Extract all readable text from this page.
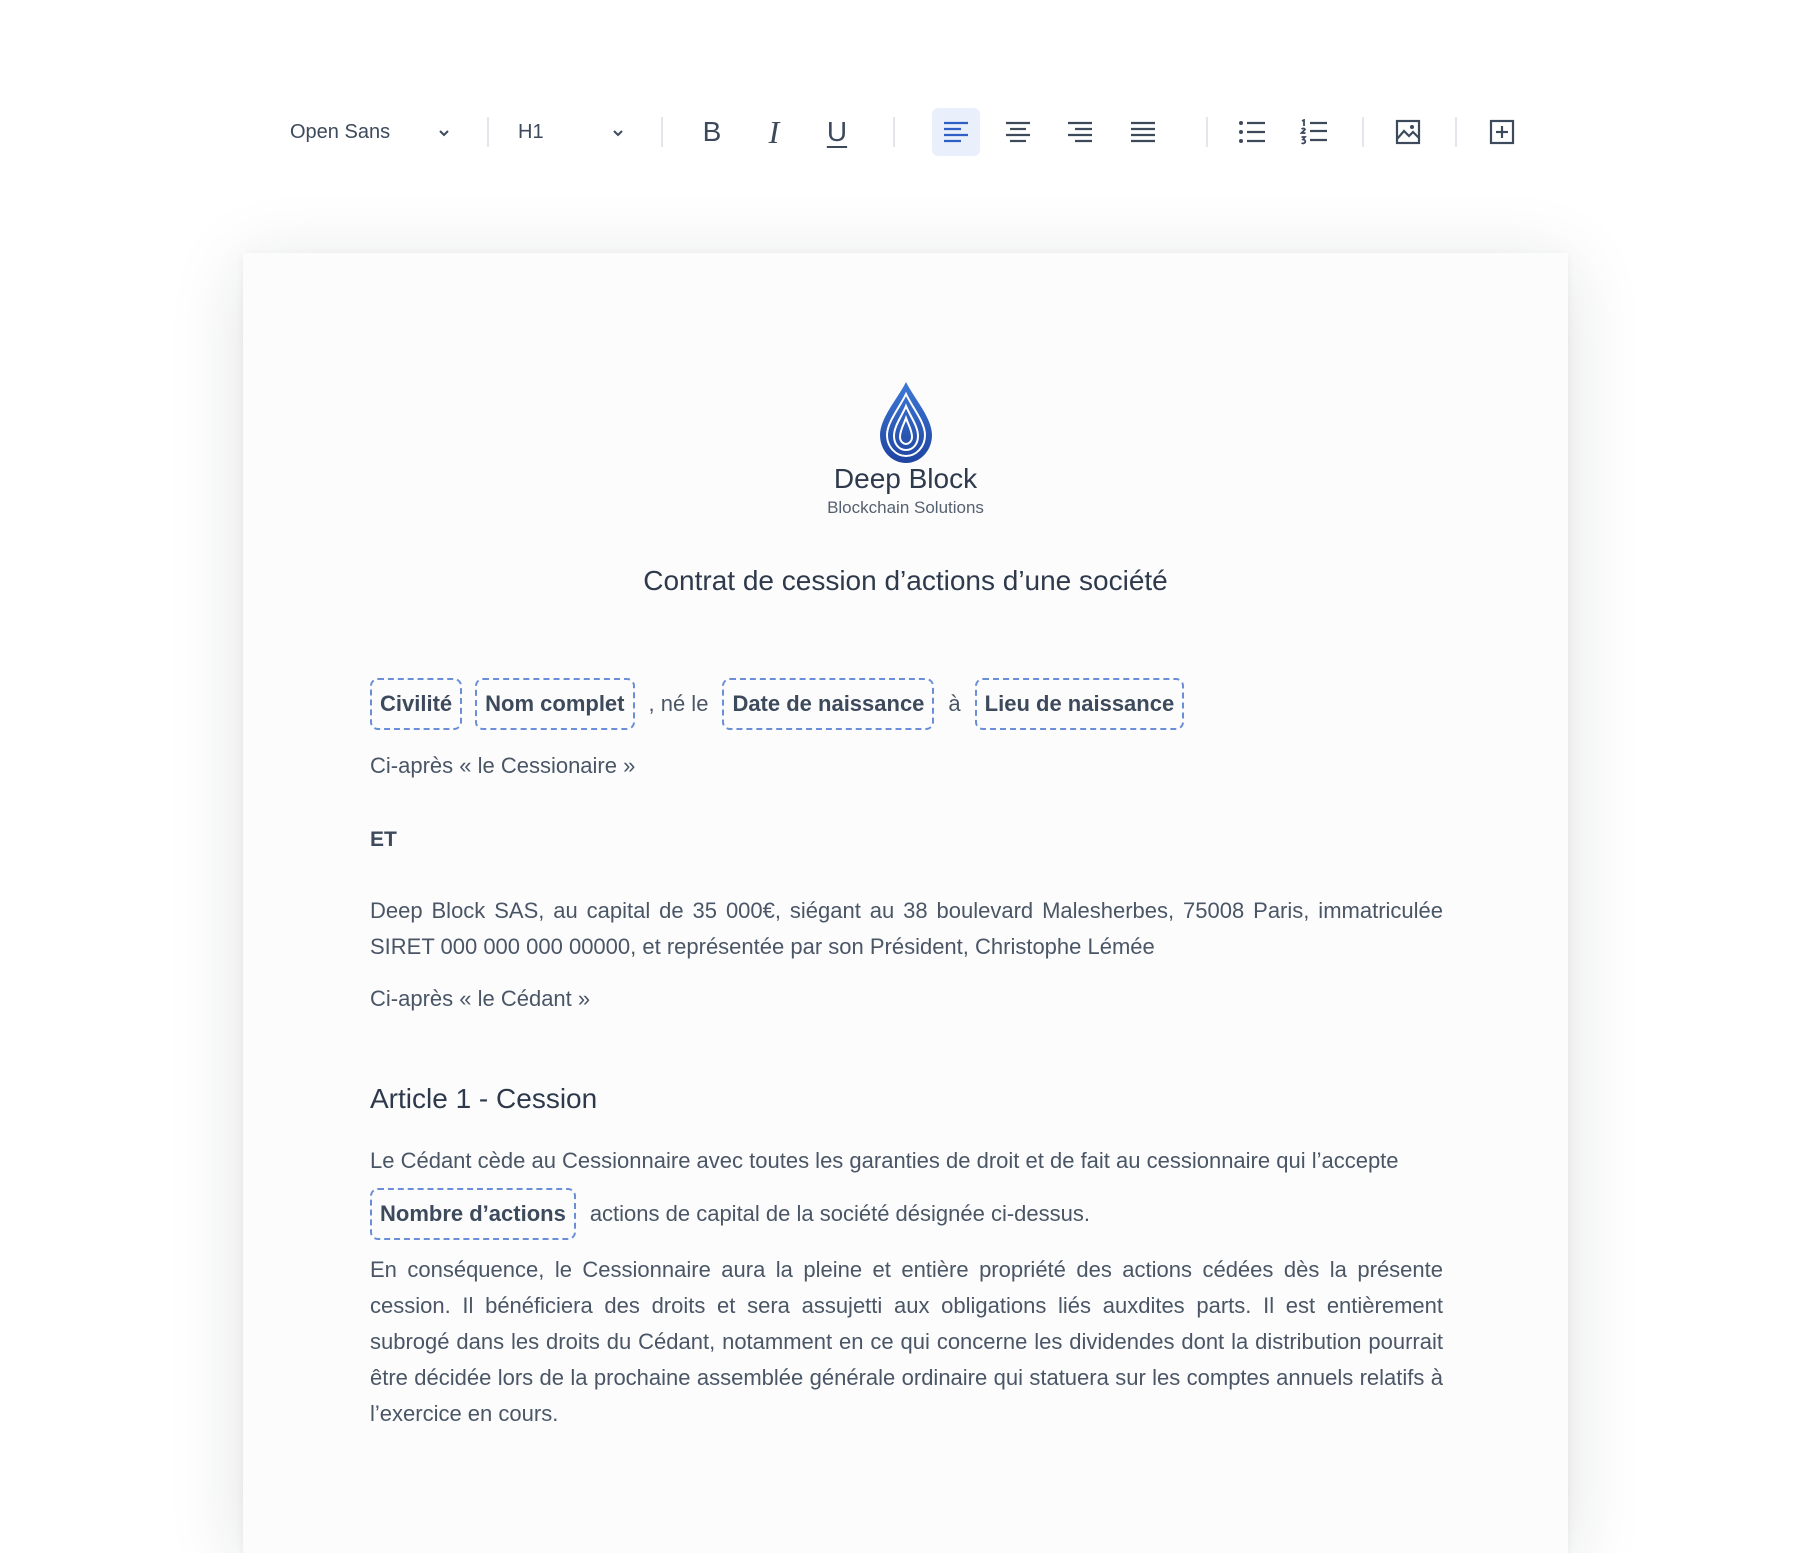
Open Sans	H1	B I U
Deep Block
Blockchain Solutions
Contrat de cession d’actions d’une société
Civilité	Nom complet	, né le	Date de naissance	à	Lieu de naissance
Ci-après « le Cessionaire »
ET
Deep Block SAS, au capital de 35 000€, siégant au 38 boulevard Malesherbes, 75008 Paris, immatriculée SIRET 000 000 000 00000, et représentée par son Président, Christophe Lémée
Ci-après « le Cédant »
Article 1 - Cession
Le Cédant cède au Cessionnaire avec toutes les garanties de droit et de fait au cessionnaire qui l’accepte
Nombre d’actions	actions de capital de la société désignée ci-dessus.
En conséquence, le Cessionnaire aura la pleine et entière propriété des actions cédées dès la présente cession. Il bénéficiera des droits et sera assujetti aux obligations liés auxdites parts. Il est entièrement subrogé dans les droits du Cédant, notamment en ce qui concerne les dividendes dont la distribution pourrait être décidée lors de la prochaine assemblée générale ordinaire qui statuera sur les comptes annuels relatifs à l’exercice en cours.
